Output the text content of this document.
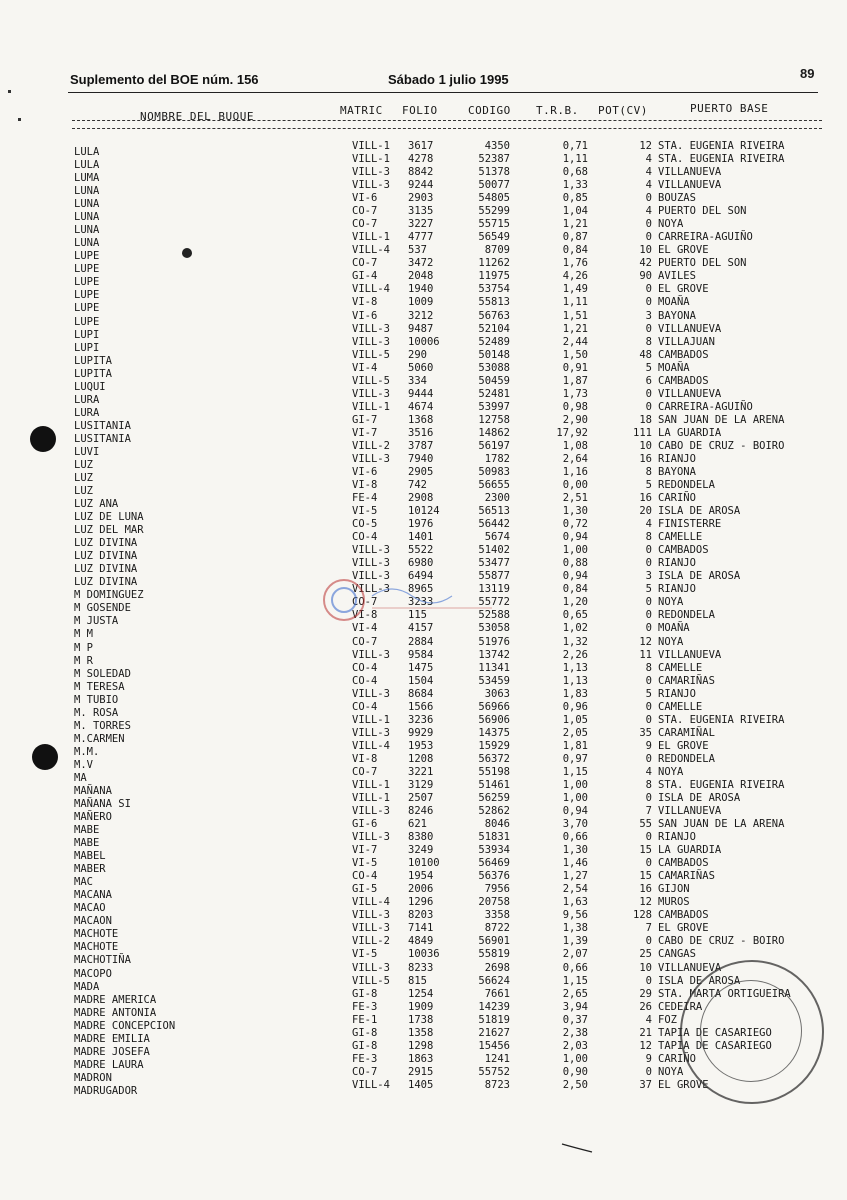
Suplemento del BOE núm. 156	Sábado 1 julio 1995	89
NOMBRE DEL BUQUE	MATRIC FOLIO	CODIGO T.R.B. POT(CV)	PUERTO BASE
LULA	VILL-1 3617	4350	0,71	12 STA. EUGENIA RIVEIRA
LULA	VILL-1 4278	52387	1,11	4 STA. EUGENIA RIVEIRA
LUMA	VILL-3 8842	51378	0,68	4 VILLANUEVA
LUNA	VILL-3 9244	50077	1,33	4 VILLANUEVA
LUNA	VI-6	2903	54805	0,85	0 BOUZAS
LUNA	CO-7	3135	55299	1,04	4 PUERTO DEL SON
LUNA	CO-7	3227	55715	1,21	0 NOYA
LUNA	VILL-1 4777	56549	0,87	0 CARREIRA-AGUIÑO
LUPE	VILL-4 537	8709	0,84	10 EL GROVE
LUPE	CO-7	3472	11262	1,76	42 PUERTO DEL SON
LUPE	GI-4	2048	11975	4,26	90 AVILES
LUPE	VILL-4 1940	53754	1,49	0 EL GROVE
LUPE	VI-8	1009	55813	1,11	0 MOAÑA
LUPE	VI-6	3212	56763	1,51	3 BAYONA
LUPI	VILL-3 9487	52104	1,21	0 VILLANUEVA
LUPI	VILL-3 10006	52489	2,44	8 VILLAJUAN
LUPITA	VILL-5 290	50148	1,50	48 CAMBADOS
LUPITA	VI-4	5060	53088	0,91	5 MOAÑA
LUQUI	VILL-5 334	50459	1,87	6 CAMBADOS
LURA	VILL-3 9444	52481	1,73	0 VILLANUEVA
LURA	VILL-1 4674	53997	0,98	0 CARREIRA-AGUIÑO
LUSITANIA	GI-7	1368	12758	2,90	18 SAN JUAN DE LA ARENA
LUSITANIA	VI-7	3516	14862	17,92	111 LA GUARDIA
LUVI	VILL-2 3787	56197	1,08	10 CABO DE CRUZ - BOIRO
LUZ	VILL-3 7940	1782	2,64	16 RIANJO
LUZ	VI-6	2905	50983	1,16	8 BAYONA
LUZ	VI-8	742	56655	0,00	5 REDONDELA
LUZ ANA	FE-4	2908	2300	2,51	16 CARIÑO
LUZ DE LUNA	VI-5	10124	56513	1,30	20 ISLA DE AROSA
LUZ DEL MAR	CO-5	1976	56442	0,72	4 FINISTERRE
LUZ DIVINA	CO-4	1401	5674	0,94	8 CAMELLE
LUZ DIVINA	VILL-3 5522	51402	1,00	0 CAMBADOS
LUZ DIVINA	VILL-3 6980	53477	0,88	0 RIANJO
LUZ DIVINA	VILL-3 6494	55877	0,94	3 ISLA DE AROSA
M DOMINGUEZ	VILL-3 8965	13119	0,84	5 RIANJO
M GOSENDE	CO-7	3233	55772	1,20	0 NOYA
M JUSTA	VI-8	115	52588	0,65	0 REDONDELA
M M	VI-4	4157	53058	1,02	0 MOAÑA
M P	CO-7	2884	51976	1,32	12 NOYA
M R	VILL-3 9584	13742	2,26	11 VILLANUEVA
M SOLEDAD	CO-4	1475	11341	1,13	8 CAMELLE
M TERESA	CO-4	1504	53459	1,13	0 CAMARIÑAS
M TUBIO	VILL-3 8684	3063	1,83	5 RIANJO
M. ROSA	CO-4	1566	56966	0,96	0 CAMELLE
M. TORRES	VILL-1 3236	56906	1,05	0 STA. EUGENIA RIVEIRA
M.CARMEN	VILL-3 9929	14375	2,05	35 CARAMIÑAL
M.M.	VILL-4 1953	15929	1,81	9 EL GROVE
M.V	VI-8	1208	56372	0,97	0 REDONDELA
MA	CO-7	3221	55198	1,15	4 NOYA
MAÑANA	VILL-1 3129	51461	1,00	8 STA. EUGENIA RIVEIRA
MAÑANA SI	VILL-1 2507	56259	1,00	0 ISLA DE AROSA
MAÑERO	VILL-3 8246	52862	0,94	7 VILLANUEVA
MABE	GI-6	621	8046	3,70	55 SAN JUAN DE LA ARENA
MABE	VILL-3 8380	51831	0,66	0 RIANJO
MABEL	VI-7	3249	53934	1,30	15 LA GUARDIA
MABER	VI-5	10100	56469	1,46	0 CAMBADOS
MAC	CO-4	1954	56376	1,27	15 CAMARIÑAS
MACANA	GI-5	2006	7956	2,54	16 GIJON
MACAO	VILL-4 1296	20758	1,63	12 MUROS
MACAON	VILL-3 8203	3358	9,56	128 CAMBADOS
MACHOTE	VILL-3 7141	8722	1,38	7 EL GROVE
MACHOTE	VILL-2 4849	56901	1,39	0 CABO DE CRUZ - BOIRO
MACHOTIÑA	VI-5	10036	55819	2,07	25 CANGAS
MACOPO	VILL-3 8233	2698	0,66	10 VILLANUEVA
MADA	VILL-5 815	56624	1,15	0 ISLA DE AROSA
MADRE AMERICA	GI-8	1254	7661	2,65	29 STA. MARTA ORTIGUEIRA
MADRE ANTONIA	FE-3	1909	14239	3,94	26 CEDEIRA
MADRE CONCEPCION	FE-1	1738	51819	0,37	4 FOZ
MADRE EMILIA	GI-8	1358	21627	2,38	21 TAPIA DE CASARIEGO
MADRE JOSEFA	GI-8	1298	15456	2,03	12 TAPIA DE CASARIEGO
MADRE LAURA	FE-3	1863	1241	1,00	9 CARIÑO
MADRON	CO-7	2915	55752	0,90	0 NOYA
MADRUGADOR	VILL-4 1405	8723	2,50	37 EL GROVE
